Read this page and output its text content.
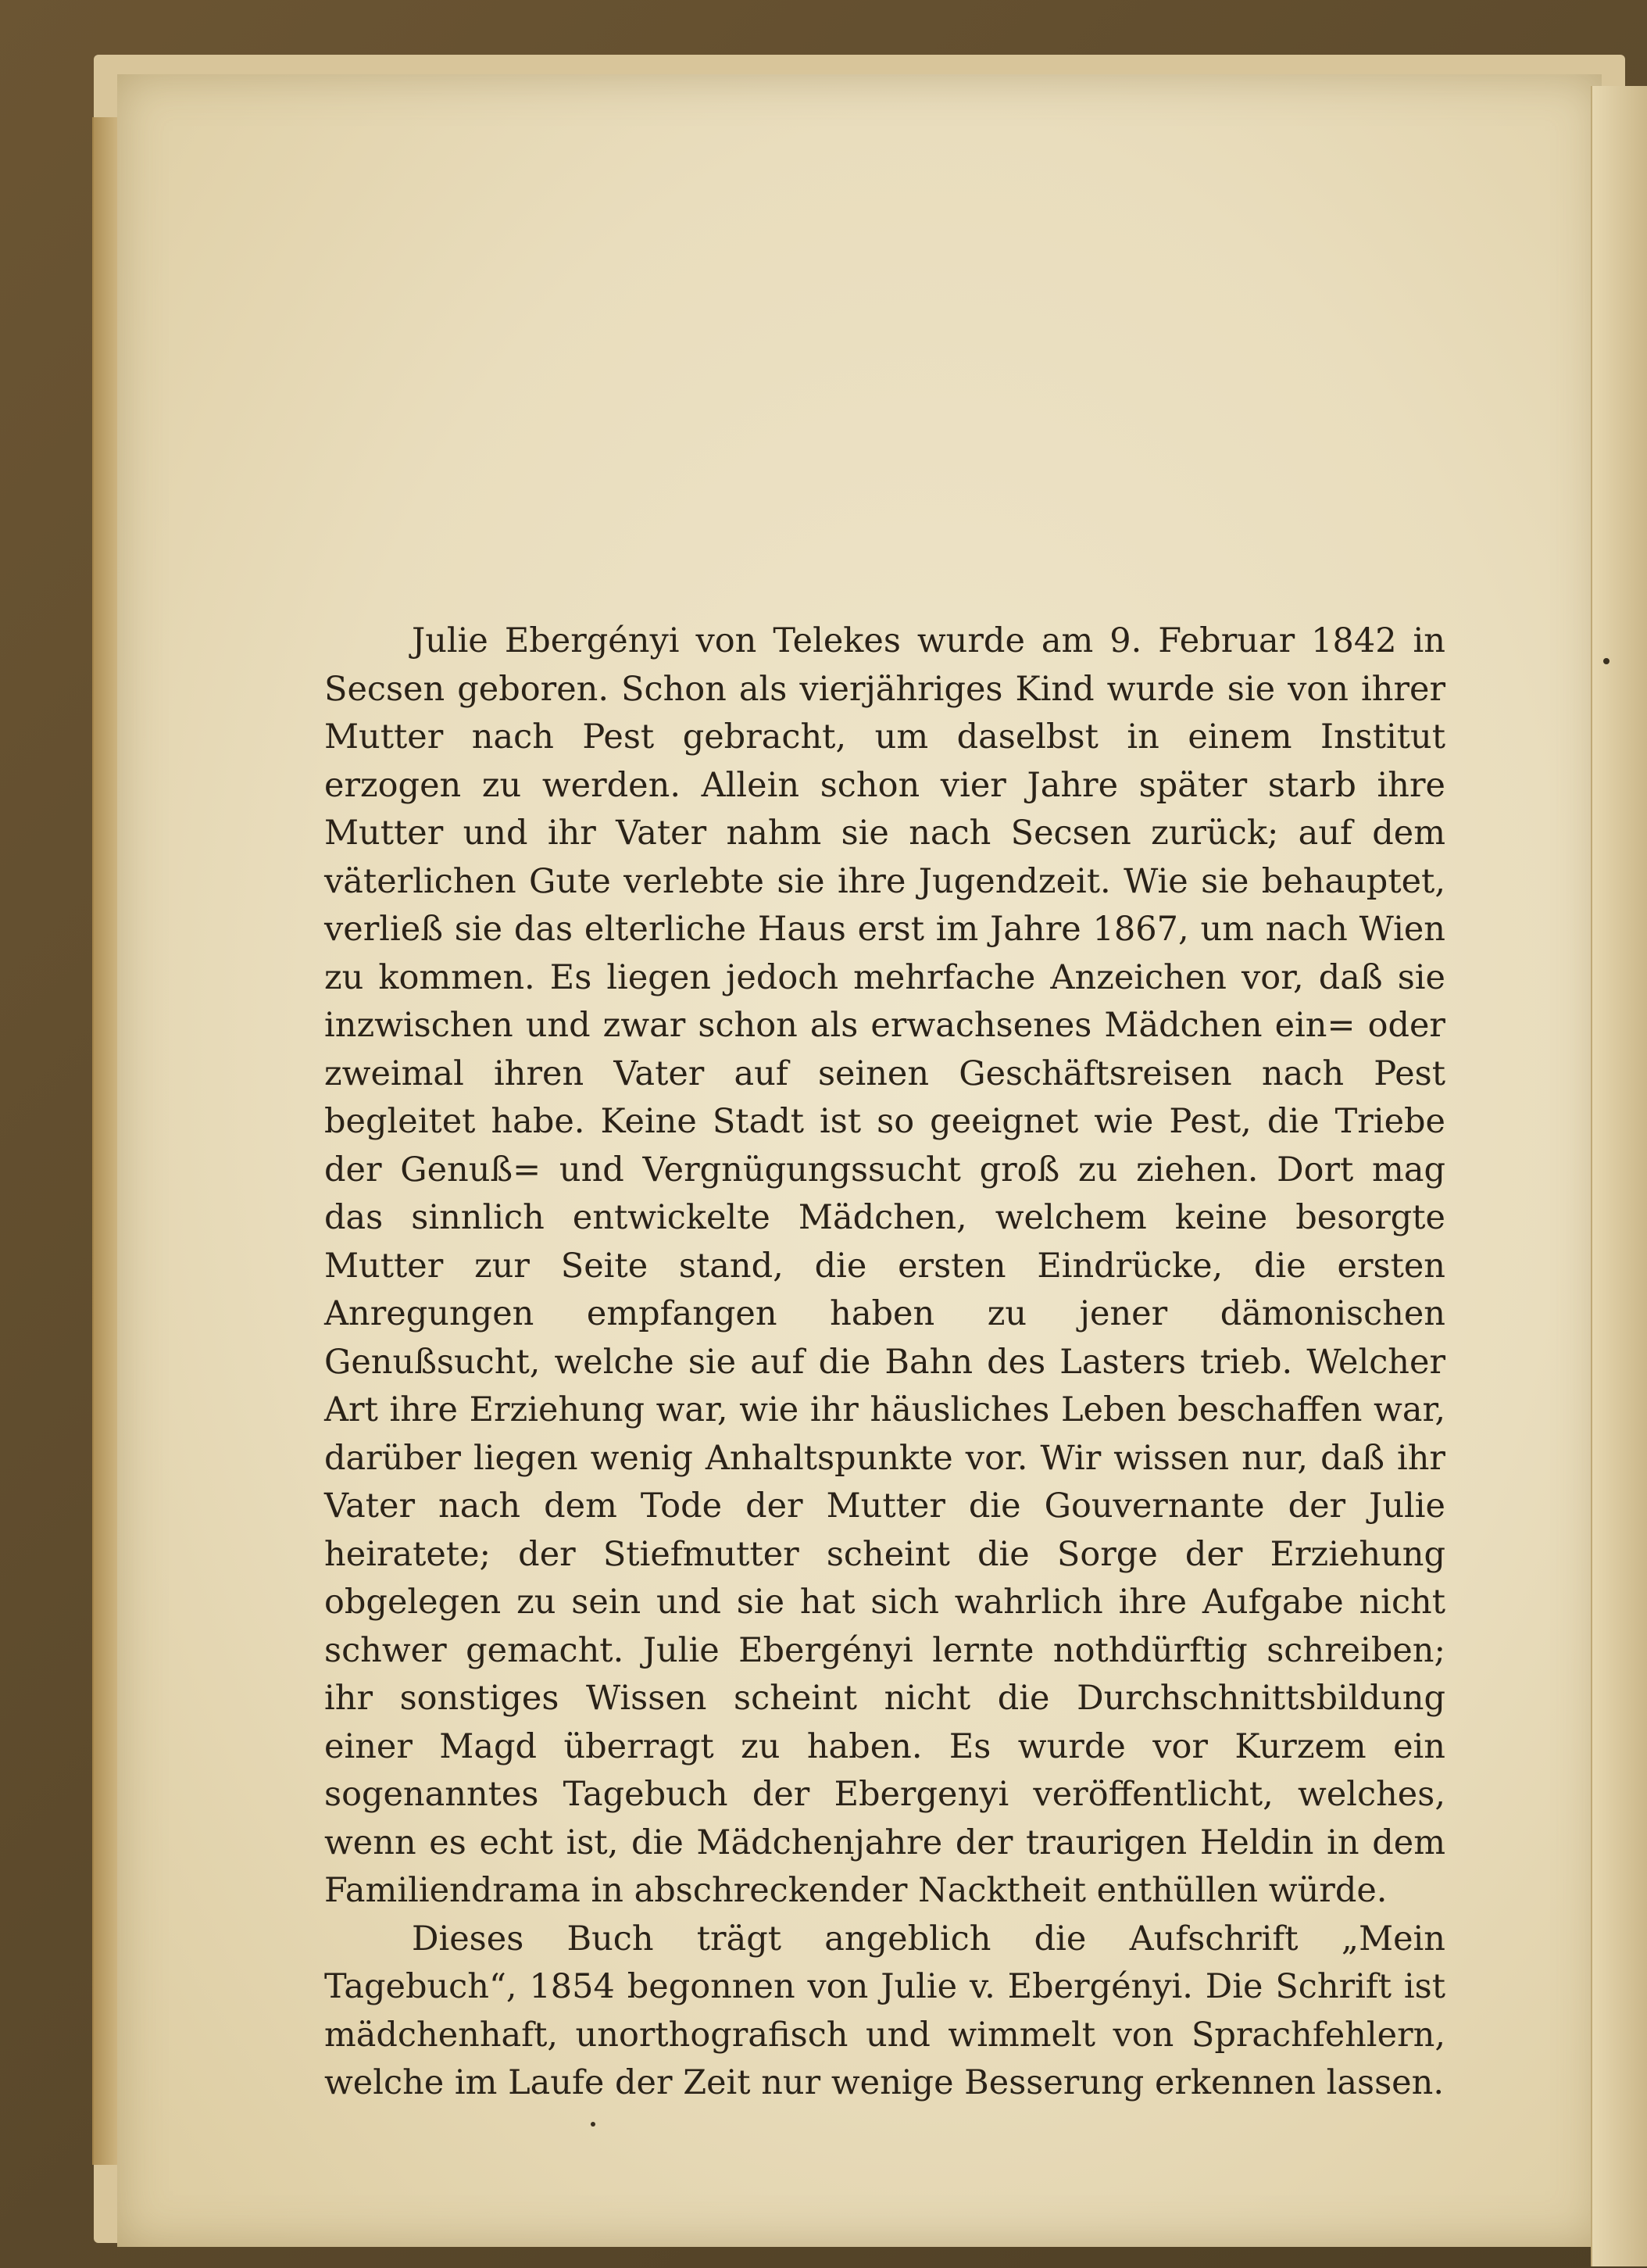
Julie Ebergényi von Telekes wurde am 9. Februar 1842 in Secsen geboren. Schon als vierjähriges Kind wurde sie von ihrer Mutter nach Pest gebracht, um daselbst in einem Institut erzogen zu werden. Allein schon vier Jahre später starb ihre Mutter und ihr Vater nahm sie nach Secsen zurück; auf dem väterlichen Gute verlebte sie ihre Jugendzeit. Wie sie behauptet, verließ sie das elterliche Haus erst im Jahre 1867, um nach Wien zu kommen. Es liegen jedoch mehrfache Anzeichen vor, daß sie inzwischen und zwar schon als erwachsenes Mädchen ein= oder zweimal ihren Vater auf seinen Geschäftsreisen nach Pest begleitet habe. Keine Stadt ist so geeignet wie Pest, die Triebe der Genuß= und Vergnügungssucht groß zu ziehen. Dort mag das sinnlich entwickelte Mädchen, welchem keine besorgte Mutter zur Seite stand, die ersten Eindrücke, die ersten Anregungen empfangen haben zu jener dämonischen Genußsucht, welche sie auf die Bahn des Lasters trieb. Welcher Art ihre Erziehung war, wie ihr häusliches Leben beschaffen war, darüber liegen wenig Anhaltspunkte vor. Wir wissen nur, daß ihr Vater nach dem Tode der Mutter die Gouvernante der Julie heiratete; der Stiefmutter scheint die Sorge der Erziehung obgelegen zu sein und sie hat sich wahrlich ihre Aufgabe nicht schwer gemacht. Julie Ebergényi lernte nothdürftig schreiben; ihr sonstiges Wissen scheint nicht die Durchschnittsbildung einer Magd überragt zu haben. Es wurde vor Kurzem ein sogenanntes Tagebuch der Ebergenyi veröffentlicht, welches, wenn es echt ist, die Mädchenjahre der traurigen Heldin in dem Familiendrama in abschreckender Nacktheit enthüllen würde.

Dieses Buch trägt angeblich die Aufschrift „Mein Tagebuch“, 1854 begonnen von Julie v. Ebergényi. Die Schrift ist mädchenhaft, unorthografisch und wimmelt von Sprachfehlern, welche im Laufe der Zeit nur wenige Besserung erkennen lassen.
